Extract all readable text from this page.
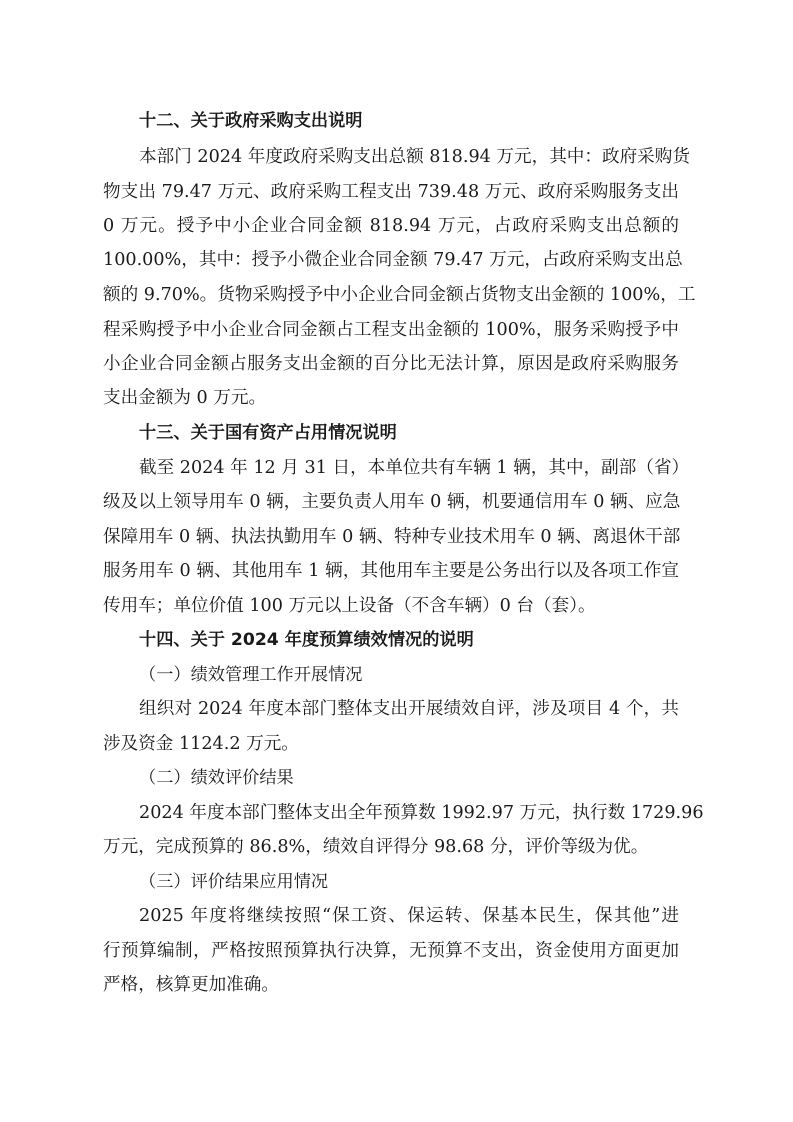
十二、关于政府采购支出说明
本部门 2024 年度政府采购支出总额 818.94 万元，其中：政府采购货
物支出 79.47 万元、政府采购工程支出 739.48 万元、政府采购服务支出
0 万元。授予中小企业合同金额 818.94 万元，占政府采购支出总额的
100.00%，其中：授予小微企业合同金额 79.47 万元，占政府采购支出总
额的 9.70%。货物采购授予中小企业合同金额占货物支出金额的 100%，工
程采购授予中小企业合同金额占工程支出金额的 100%，服务采购授予中
小企业合同金额占服务支出金额的百分比无法计算，原因是政府采购服务
支出金额为 0 万元。
十三、关于国有资产占用情况说明
截至 2024 年 12 月 31 日，本单位共有车辆 1 辆，其中，副部（省）
级及以上领导用车 0 辆，主要负责人用车 0 辆，机要通信用车 0 辆、应急
保障用车 0 辆、执法执勤用车 0 辆、特种专业技术用车 0 辆、离退休干部
服务用车 0 辆、其他用车 1 辆，其他用车主要是公务出行以及各项工作宣
传用车；单位价值 100 万元以上设备（不含车辆）0 台（套）。
十四、关于 2024 年度预算绩效情况的说明
（一）绩效管理工作开展情况
组织对 2024 年度本部门整体支出开展绩效自评，涉及项目 4 个，共
涉及资金 1124.2 万元。
（二）绩效评价结果
2024 年度本部门整体支出全年预算数 1992.97 万元，执行数 1729.96
万元，完成预算的 86.8%，绩效自评得分 98.68 分，评价等级为优。
（三）评价结果应用情况
2025 年度将继续按照“保工资、保运转、保基本民生，保其他”进
行预算编制，严格按照预算执行决算，无预算不支出，资金使用方面更加
严格，核算更加准确。
